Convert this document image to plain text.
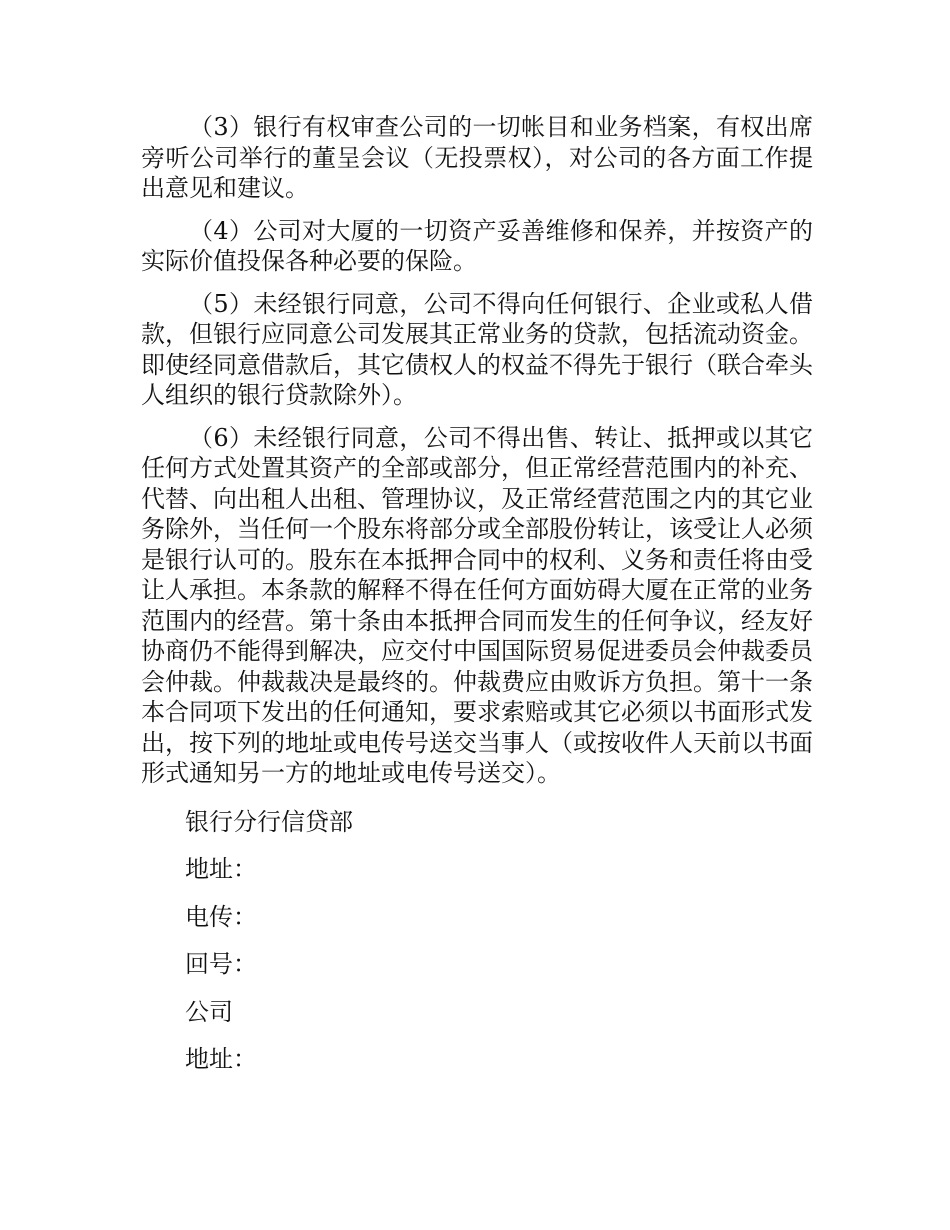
（3）银行有权审查公司的一切帐目和业务档案，有权出席旁听公司举行的董呈会议（无投票权），对公司的各方面工作提出意见和建议。

（4）公司对大厦的一切资产妥善维修和保养，并按资产的实际价值投保各种必要的保险。

（5）未经银行同意，公司不得向任何银行、企业或私人借款，但银行应同意公司发展其正常业务的贷款，包括流动资金。即使经同意借款后，其它债权人的权益不得先于银行（联合牵头人组织的银行贷款除外）。

（6）未经银行同意，公司不得出售、转让、抵押或以其它任何方式处置其资产的全部或部分，但正常经营范围内的补充、代替、向出租人出租、管理协议，及正常经营范围之内的其它业务除外，当任何一个股东将部分或全部股份转让，该受让人必须是银行认可的。股东在本抵押合同中的权利、义务和责任将由受让人承担。本条款的解释不得在任何方面妨碍大厦在正常的业务范围内的经营。第十条由本抵押合同而发生的任何争议，经友好协商仍不能得到解决，应交付中国国际贸易促进委员会仲裁委员会仲裁。仲裁裁决是最终的。仲裁费应由败诉方负担。第十一条本合同项下发出的任何通知，要求索赔或其它必须以书面形式发出，按下列的地址或电传号送交当事人（或按收件人天前以书面形式通知另一方的地址或电传号送交）。

银行分行信贷部
地址：
电传：
回号：
公司
地址：
